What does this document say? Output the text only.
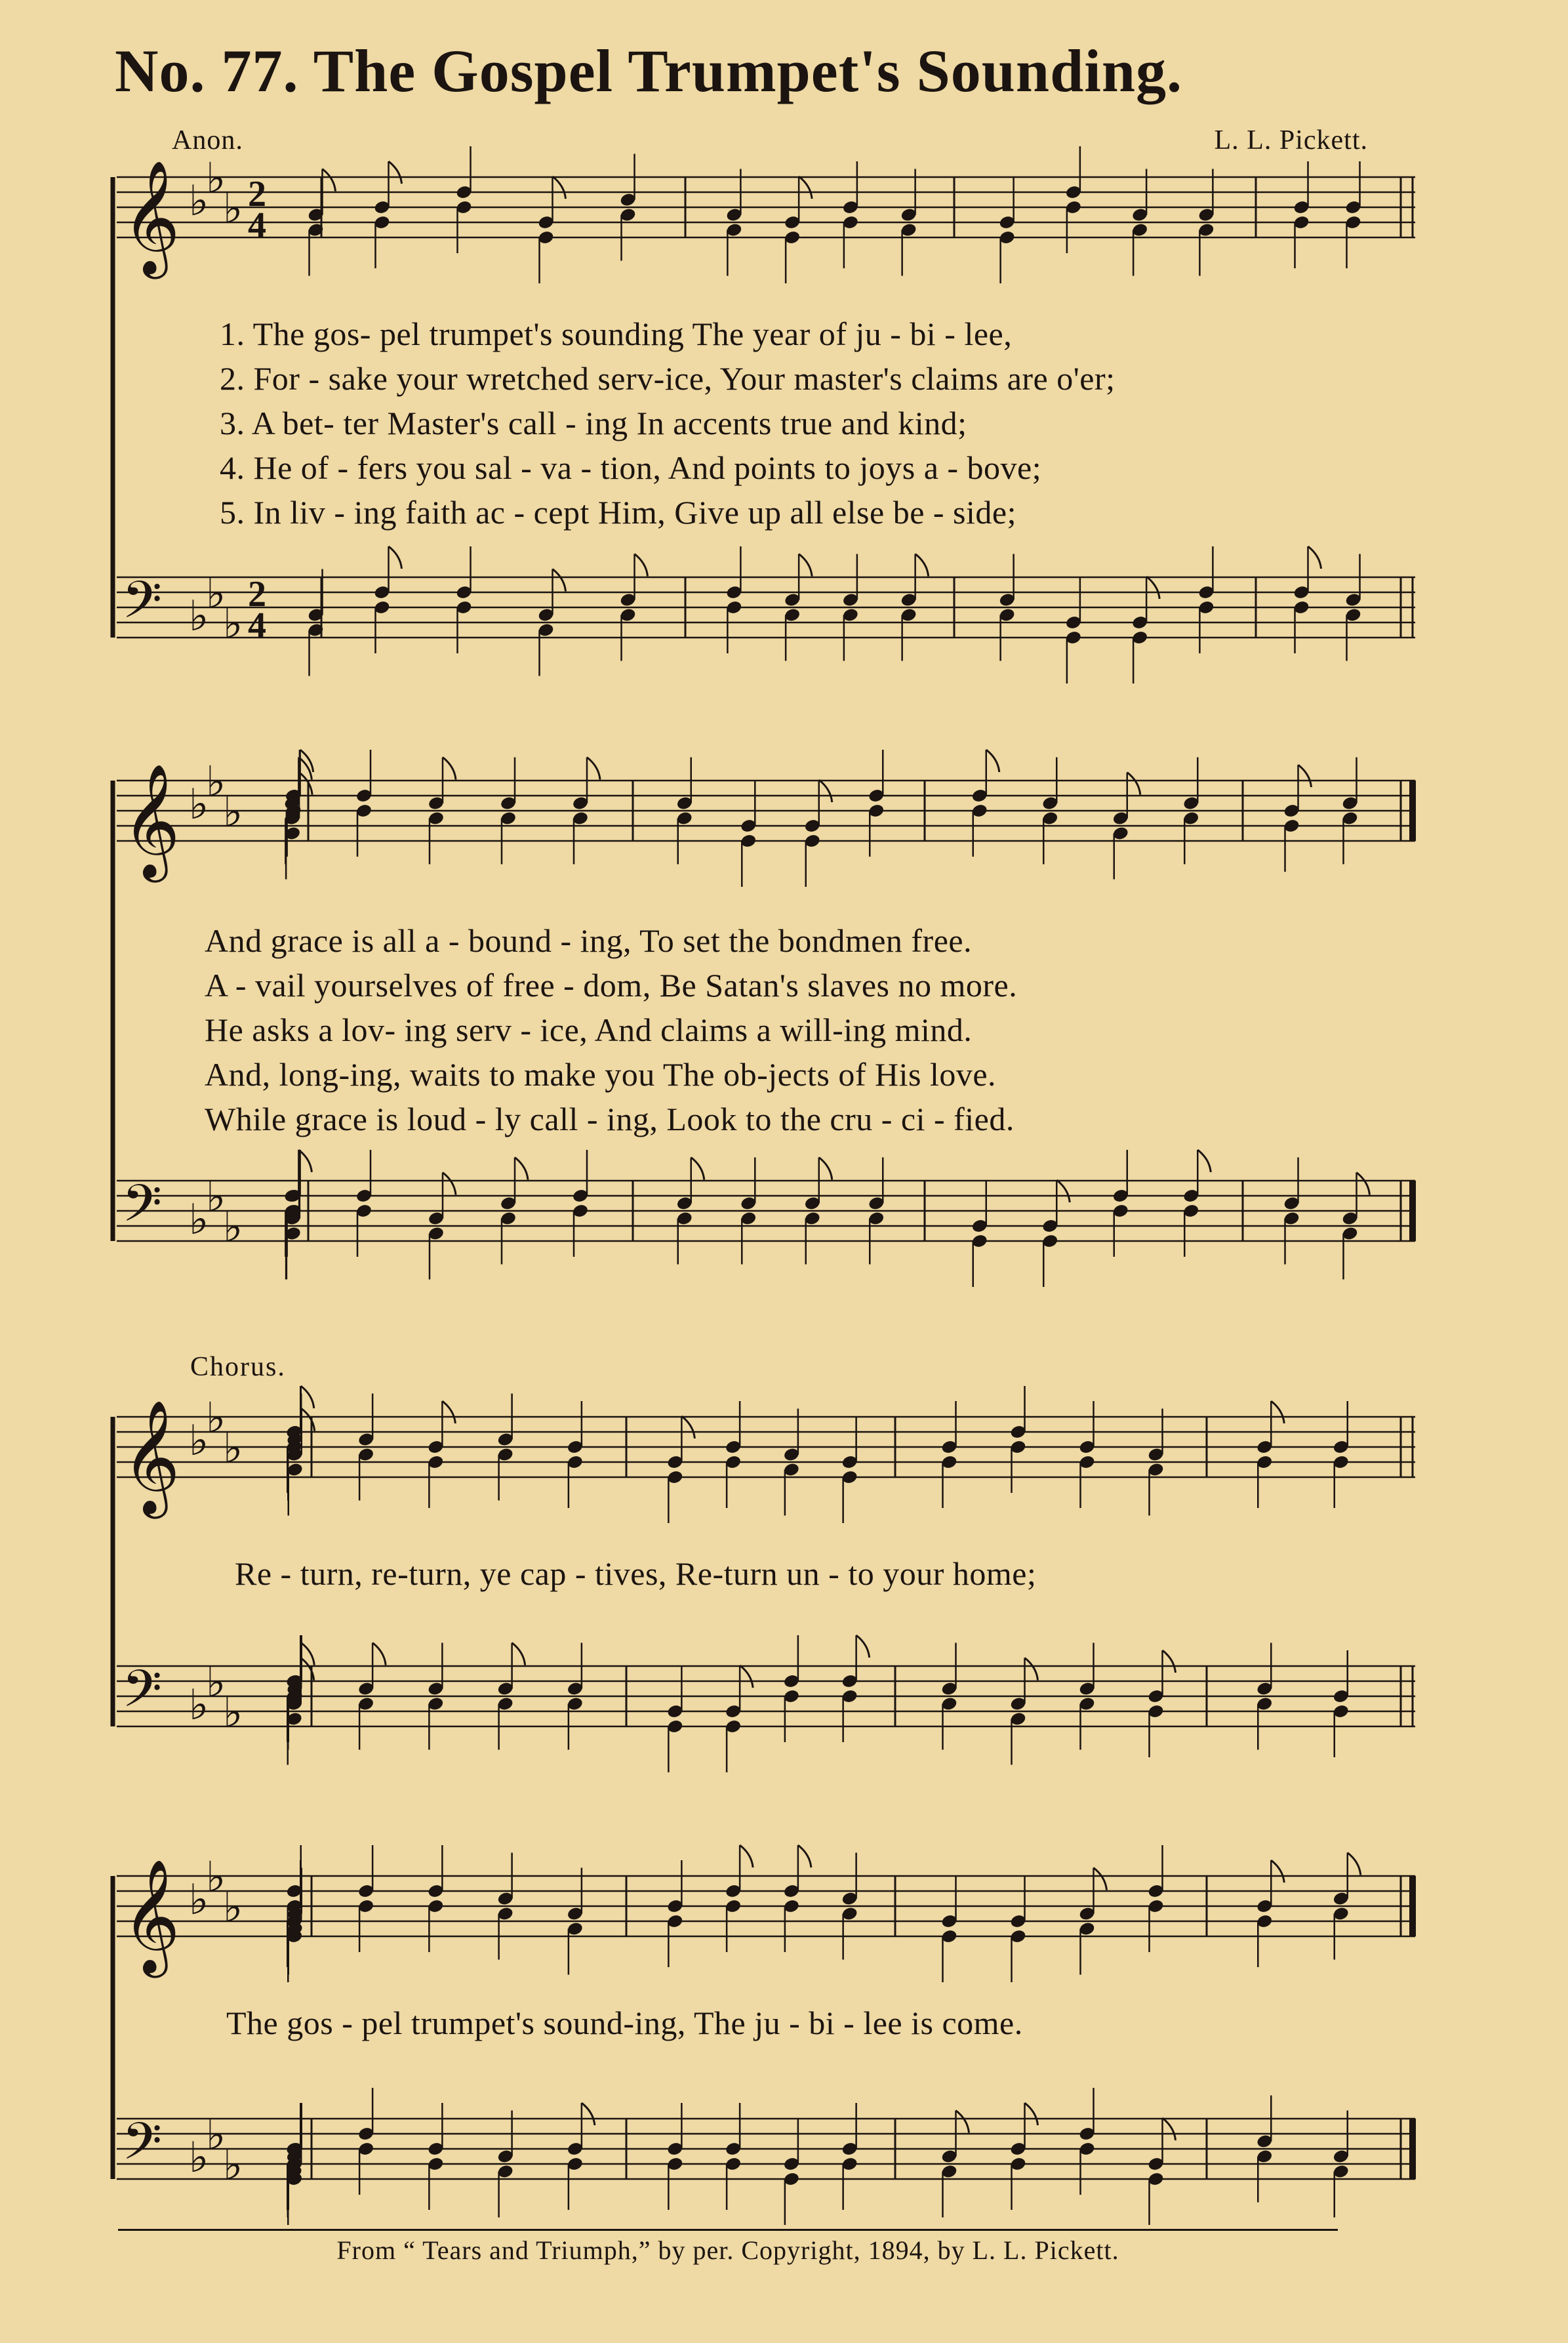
No. 77. The Gospel Trumpet's Sounding.
Anon.	L. L. Pickett.
𝄞 ♭
♭
♭ 2
4
𝄢 ♭
♭
♭
2
4
𝄞 ♭
♭
♭
𝄢 ♭
♭
♭
𝄞 ♭
♭
♭
𝄢 ♭
♭
♭
𝄞 ♭
♭
♭
𝄢 ♭
♭
♭
1. The gos- pel trumpet's sounding The year of ju - bi - lee,
2. For - sake your wretched serv-ice, Your master's claims are o'er;
3. A bet- ter Master's call - ing In accents true and kind;
4. He of - fers you sal - va - tion, And points to joys a - bove;
5. In liv - ing faith ac - cept Him, Give up all else be - side;
And grace is all a - bound - ing, To set the bondmen free.
A - vail yourselves of free - dom, Be Satan's slaves no more.
He asks a lov- ing serv - ice, And claims a will-ing mind.
And, long-ing, waits to make you The ob-jects of His love.
While grace is loud - ly call - ing, Look to the cru - ci - fied.
Chorus.
Re - turn, re-turn, ye cap - tives, Re-turn un - to your home;
The gos - pel trumpet's sound-ing, The ju - bi - lee is come.
From “ Tears and Triumph,” by per. Copyright, 1894, by L. L. Pickett.
